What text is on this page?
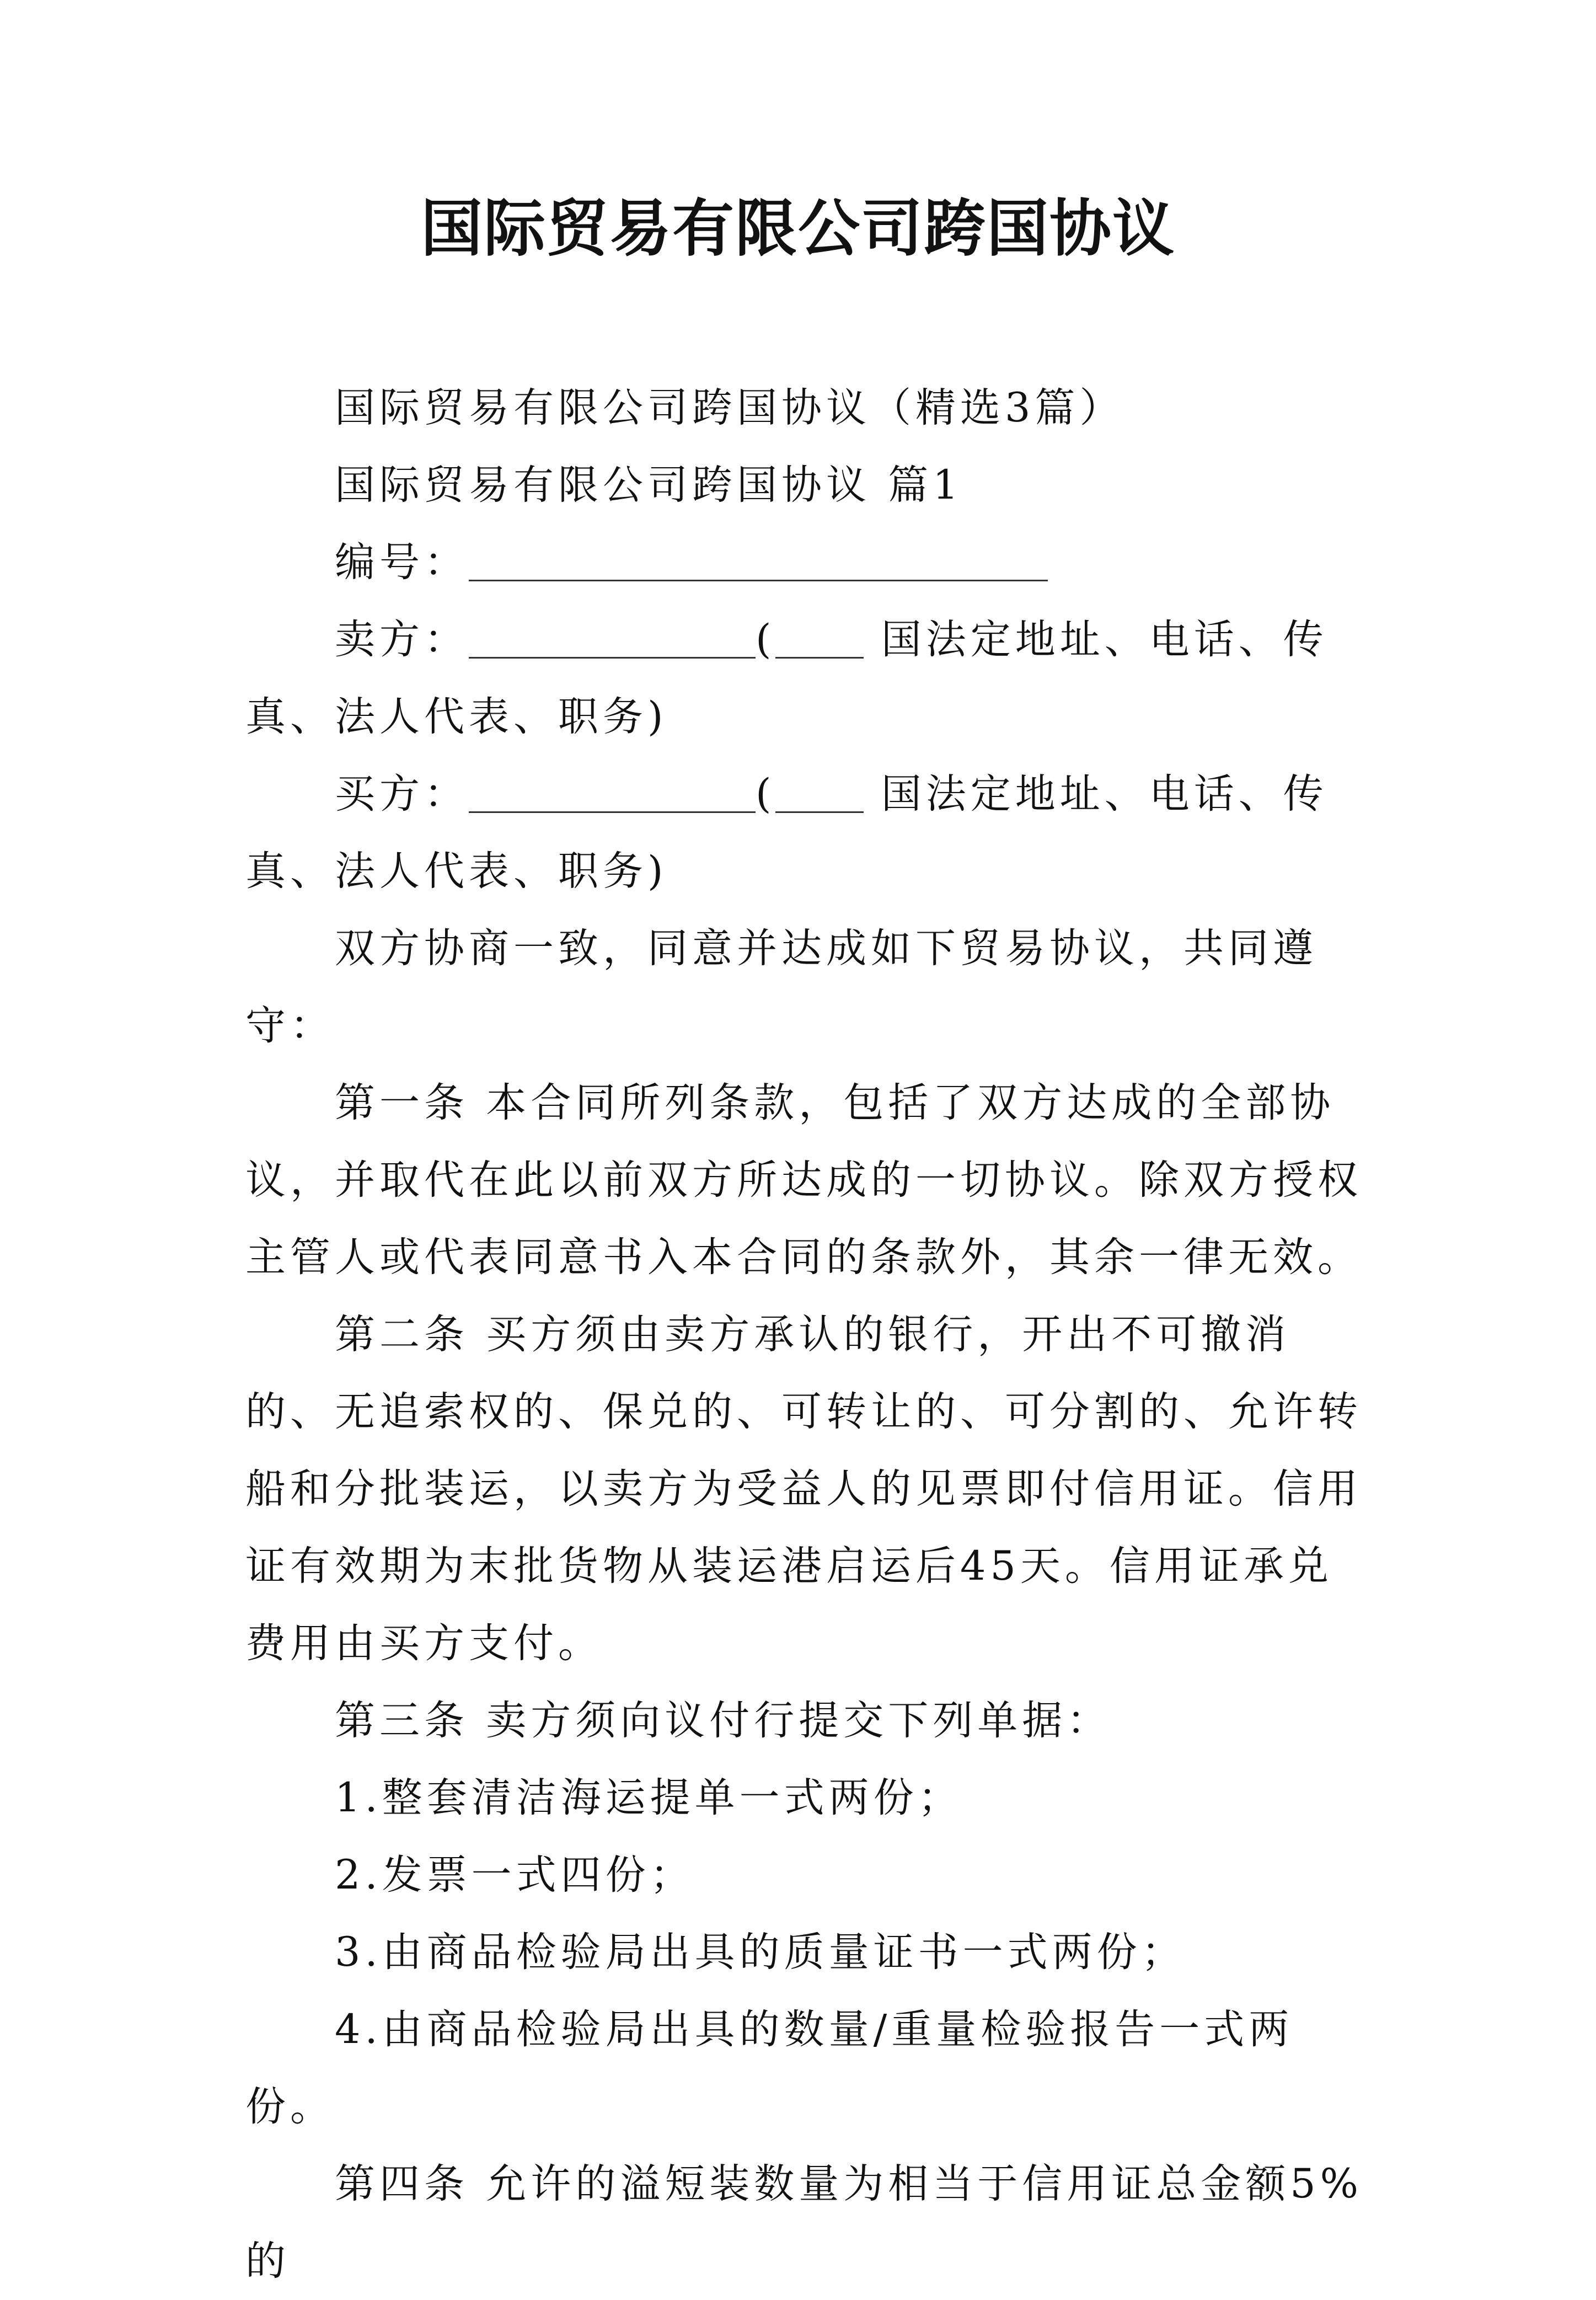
国际贸易有限公司跨国协议

国际贸易有限公司跨国协议（精选3篇）

国际贸易有限公司跨国协议 篇1

编号：

卖方：	( 国法定地址、电话、传真、法人代表、职务)

买方：	( 国法定地址、电话、传真、法人代表、职务)

双方协商一致，同意并达成如下贸易协议，共同遵守：

第一条 本合同所列条款，包括了双方达成的全部协议，并取代在此以前双方所达成的一切协议。除双方授权主管人或代表同意书入本合同的条款外，其余一律无效。

第二条 买方须由卖方承认的银行，开出不可撤消的、无追索权的、保兑的、可转让的、可分割的、允许转船和分批装运，以卖方为受益人的见票即付信用证。信用证有效期为末批货物从装运港启运后45天。信用证承兑费用由买方支付。

第三条 卖方须向议付行提交下列单据：

1.整套清洁海运提单一式两份；

2.发票一式四份；

3.由商品检验局出具的质量证书一式两份；

4.由商品检验局出具的数量/重量检验报告一式两份。

第四条 允许的溢短装数量为相当于信用证总金额5%的
